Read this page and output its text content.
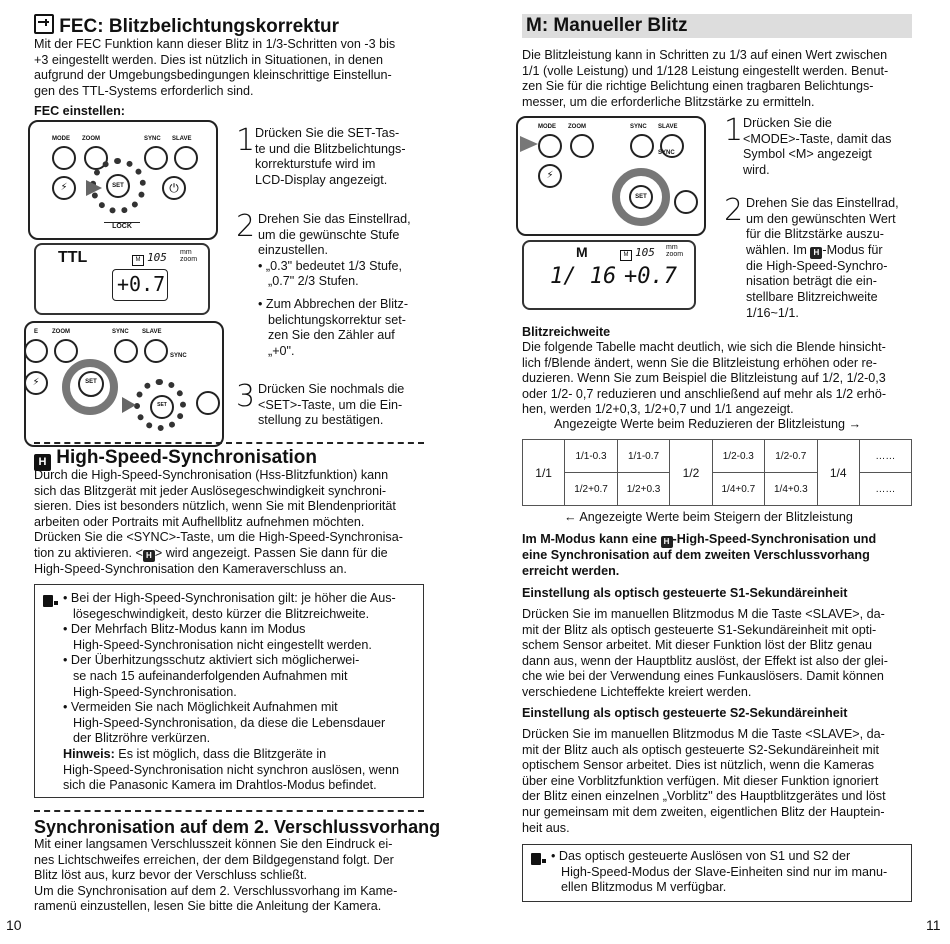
FEC: Blitzbelichtungskorrektur
Mit der FEC Funktion kann dieser Blitz in 1/3-Schritten von -3 bis
+3 eingestellt werden. Dies ist nützlich in Situationen, in denen
aufgrund der Umgebungsbedingungen kleinschrittige Einstellun-
gen des TTL-Systems erforderlich sind.
FEC einstellen:
MODE ZOOM	SYNC SLAVE
⚡	⏻
SET
LOCK
TTL	M 105 mm
zoom
+0.7
E ZOOM	SYNC SLAVE
SYNC
⚡	SET
SET
1 Drücken Sie die SET-Tas-
te und die Blitzbelichtungs-
korrekturstufe wird im
LCD-Display angezeigt.
2 Drehen Sie das Einstellrad,
um die gewünschte Stufe
einzustellen.
• „0.3" bedeutet 1/3 Stufe,
„0.7" 2/3 Stufen.
• Zum Abbrechen der Blitz-
belichtungskorrektur set-
zen Sie den Zähler auf
„+0".
3 Drücken Sie nochmals die
<SET>-Taste, um die Ein-
stellung zu bestätigen.
H High-Speed-Synchronisation
Durch die High-Speed-Synchronisation (Hss-Blitzfunktion) kann
sich das Blitzgerät mit jeder Auslösegeschwindigkeit synchroni-
sieren. Dies ist besonders nützlich, wenn Sie mit Blendenpriorität
arbeiten oder Portraits mit Aufhellblitz aufnehmen möchten.
Drücken Sie die <SYNC>-Taste, um die High-Speed-Synchronisa-
tion zu aktivieren. < H > wird angezeigt. Passen Sie dann für die
High-Speed-Synchronisation den Kameraverschluss an.
• Bei der High-Speed-Synchronisation gilt: je höher die Aus-
lösegeschwindigkeit, desto kürzer die Blitzreichweite.
• Der Mehrfach Blitz-Modus kann im Modus
High-Speed-Synchronisation nicht eingestellt werden.
• Der Überhitzungsschutz aktiviert sich möglicherwei-
se nach 15 aufeinanderfolgenden Aufnahmen mit
High-Speed-Synchronisation.
• Vermeiden Sie nach Möglichkeit Aufnahmen mit
High-Speed-Synchronisation, da diese die Lebensdauer
der Blitzröhre verkürzen.
Hinweis: Es ist möglich, dass die Blitzgeräte in
High-Speed-Synchronisation nicht synchron auslösen, wenn
sich die Panasonic Kamera im Drahtlos-Modus befindet.
Synchronisation auf dem 2. Verschlussvorhang
Mit einer langsamen Verschlusszeit können Sie den Eindruck ei-
nes Lichtschweifes erreichen, der dem Bildgegenstand folgt. Der
Blitz löst aus, kurz bevor der Verschluss schließt.
Um die Synchronisation auf dem 2. Verschlussvorhang im Kame-
ramenü einzustellen, lesen Sie bitte die Anleitung der Kamera.
10
M: Manueller Blitz
Die Blitzleistung kann in Schritten zu 1/3 auf einen Wert zwischen
1/1 (volle Leistung) und 1/128 Leistung eingestellt werden. Benut-
zen Sie für die richtige Belichtung einen tragbaren Belichtungs-
messer, um die erforderliche Blitzstärke zu ermitteln.
MODE ZOOM	SYNC SLAVE
SYNC
⚡
SET
M	M 105 mm
zoom
1/ 16 +0.7
1 Drücken Sie die
<MODE>-Taste, damit das
Symbol <M> angezeigt
wird.
2 Drehen Sie das Einstellrad,
um den gewünschten Wert
für die Blitzstärke auszu-
wählen. Im H -Modus für
die High-Speed-Synchro-
nisation beträgt die ein-
stellbare Blitzreichweite
1/16~1/1.
Blitzreichweite
Die folgende Tabelle macht deutlich, wie sich die Blende hinsicht-
lich f/Blende ändert, wenn Sie die Blitzleistung erhöhen oder re-
duzieren. Wenn Sie zum Beispiel die Blitzleistung auf 1/2, 1/2-0,3
oder 1/2- 0,7 reduzieren und anschließend auf mehr als 1/2 erhö-
hen, werden 1/2+0,3, 1/2+0,7 und 1/1 angezeigt.
Angezeigte Werte beim Reduzieren der Blitzleistung →
1/1	1/1-0.3	1/1-0.7	1/2	1/2-0.3	1/2-0.7	1/4	……
	1/2+0.7	1/2+0.3		1/4+0.7	1/4+0.3		……
← Angezeigte Werte beim Steigern der Blitzleistung
Im M-Modus kann eine H -High-Speed-Synchronisation und
eine Synchronisation auf dem zweiten Verschlussvorhang
erreicht werden.
Einstellung als optisch gesteuerte S1-Sekundäreinheit
Drücken Sie im manuellen Blitzmodus M die Taste <SLAVE>, da-
mit der Blitz als optisch gesteuerte S1-Sekundäreinheit mit opti-
schem Sensor arbeitet. Mit dieser Funktion löst der Blitz genau
dann aus, wenn der Hauptblitz auslöst, der Effekt ist also der glei-
che wie bei der Verwendung eines Funkauslösers. Damit können
verschiedene Lichteffekte kreiert werden.
Einstellung als optisch gesteuerte S2-Sekundäreinheit
Drücken Sie im manuellen Blitzmodus M die Taste <SLAVE>, da-
mit der Blitz auch als optisch gesteuerte S2-Sekundäreinheit mit
optischem Sensor arbeitet. Dies ist nützlich, wenn die Kameras
über eine Vorblitzfunktion verfügen. Mit dieser Funktion ignoriert
der Blitz einen einzelnen „Vorblitz" des Hauptblitzgerätes und löst
nur gemeinsam mit dem zweiten, eigentlichen Blitz der Hauptein-
heit aus.
• Das optisch gesteuerte Auslösen von S1 und S2 der
High-Speed-Modus der Slave-Einheiten sind nur im manu-
ellen Blitzmodus M verfügbar.
11
